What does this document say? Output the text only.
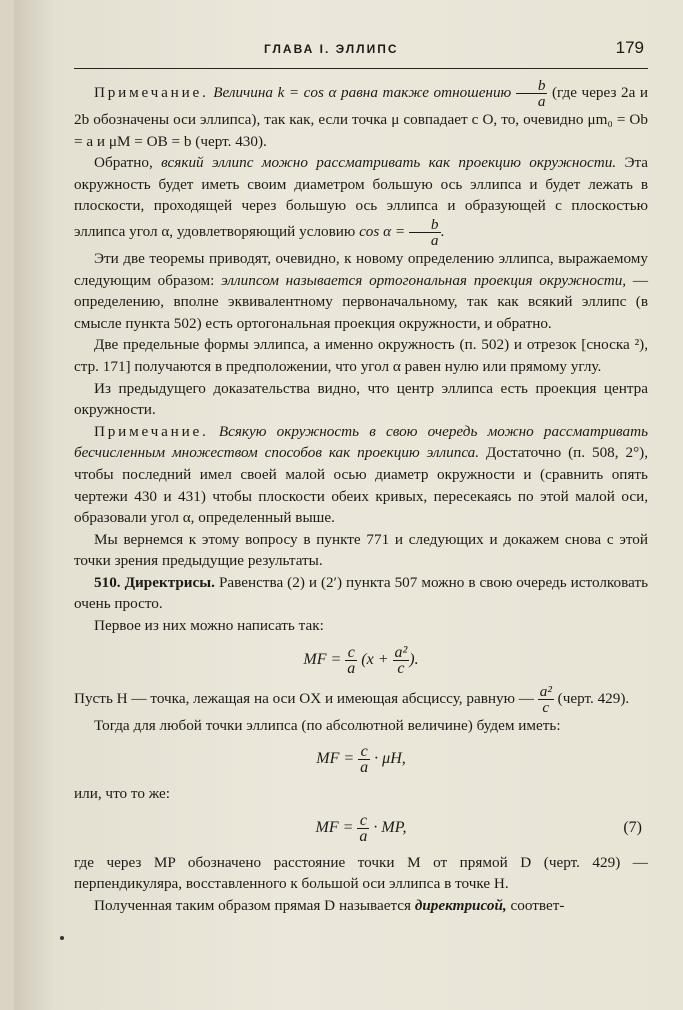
ГЛАВА I. ЭЛЛИПС	179

Примечание. Величина k = cos α равна также отношению $\frac{b}{a} (где$ через 2a и 2b обозначены оси эллипса), так как, если точка μ совпадает с O, то, очевидно μm₀ = Ob = a и μM = OB = b (черт. 430).

Обратно, всякий эллипс можно рассматривать как проекцию окружности. Эта окружность будет иметь своим диаметром большую ось эллипса и будет лежать в плоскости, проходящей через большую ось эллипса и образующей с плоскостью эллипса угол α, удовлетворяющий условию $\cos \alpha = \frac{b}{a}$ .

Эти две теоремы приводят, очевидно, к новому определению эллипса, выражаемому следующим образом: эллипсом называется ортогональная проекция окружности, — определению, вполне эквивалентному первоначальному, так как всякий эллипс (в смысле пункта 502) есть ортогональная проекция окружности, и обратно.

Две предельные формы эллипса, а именно окружность (п. 502) и отрезок [сноска ²), стр. 171] получаются в предположении, что угол α равен нулю или прямому углу.

Из предыдущего доказательства видно, что центр эллипса есть проекция центра окружности.

Примечание. Всякую окружность в свою очередь можно рассматривать бесчисленным множеством способов как проекцию эллипса. Достаточно (п. 508, 2°), чтобы последний имел своей малой осью диаметр окружности и (сравнить опять чертежи 430 и 431) чтобы плоскости обеих кривых, пересекаясь по этой малой оси, образовали угол α, определенный выше.

Мы вернемся к этому вопросу в пункте 771 и следующих и докажем снова с этой точки зрения предыдущие результаты.

510. Директрисы. Равенства (2) и (2′) пункта 507 можно в свою очередь истолковать очень просто.

Первое из них можно написать так:

MF = $\frac{c}{a} (x + \frac{\text{a²}}{c}$ ).

Пусть H — точка, лежащая на оси OX и имеющая абсциссу, равную — $\frac{\text{a²}}{c}$ (черт. 429).

Тогда для любой точки эллипса (по абсолютной величине) будем иметь:

MF = $\frac{c}{a} \cdot \mu H$,

или, что то же:

MF = $\frac{c}{a}$ · MP,	(7)

где через MP обозначено расстояние точки M от прямой D (черт. 429) — перпендикуляра, восставленного к большой оси эллипса в точке H.

Полученная таким образом прямая D называется директрисой, соответ-
